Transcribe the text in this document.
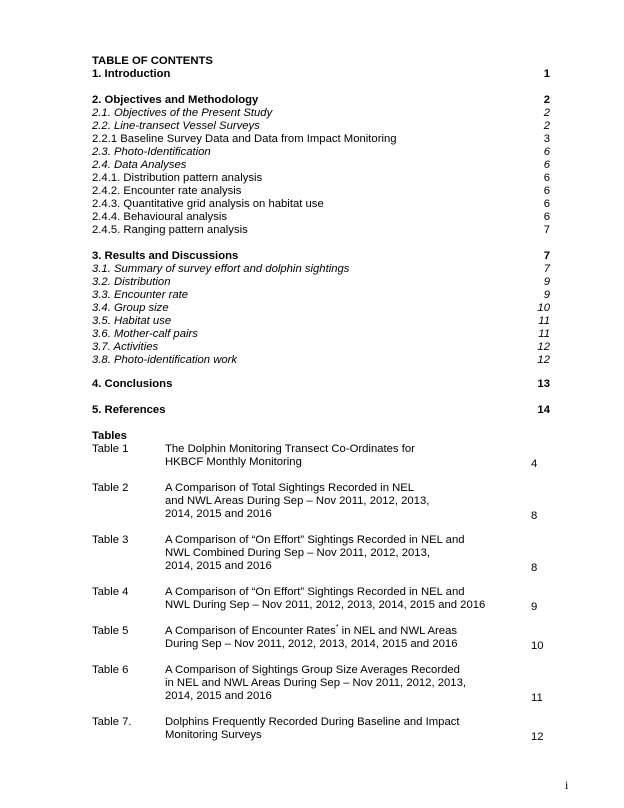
TABLE OF CONTENTS
1. Introduction	1
2. Objectives and Methodology	2
2.1. Objectives of the Present Study	2
2.2. Line-transect Vessel Surveys	2
2.2.1 Baseline Survey Data and Data from Impact Monitoring	3
2.3. Photo-Identification	6
2.4. Data Analyses	6
2.4.1. Distribution pattern analysis	6
2.4.2. Encounter rate analysis	6
2.4.3. Quantitative grid analysis on habitat use	6
2.4.4. Behavioural analysis	6
2.4.5. Ranging pattern analysis	7
3. Results and Discussions	7
3.1. Summary of survey effort and dolphin sightings	7
3.2. Distribution	9
3.3. Encounter rate	9
3.4. Group size	10
3.5. Habitat use	11
3.6. Mother-calf pairs	11
3.7. Activities	12
3.8. Photo-identification work	12
4. Conclusions	13
5. References	14
Tables
Table 1	The Dolphin Monitoring Transect Co-Ordinates for
HKBCF Monthly Monitoring	4
Table 2	A Comparison of Total Sightings Recorded in NEL
and NWL Areas During Sep – Nov 2011, 2012, 2013,
2014, 2015 and 2016	8
Table 3	A Comparison of “On Effort” Sightings Recorded in NEL and
NWL Combined During Sep – Nov 2011, 2012, 2013,
2014, 2015 and 2016	8
Table 4	A Comparison of “On Effort” Sightings Recorded in NEL and
NWL During Sep – Nov 2011, 2012, 2013, 2014, 2015 and 2016	9
Table 5	A Comparison of Encounter Rates* in NEL and NWL Areas
During Sep – Nov 2011, 2012, 2013, 2014, 2015 and 2016	10
Table 6	A Comparison of Sightings Group Size Averages Recorded
in NEL and NWL Areas During Sep – Nov 2011, 2012, 2013,
2014, 2015 and 2016	11
Table 7.	Dolphins Frequently Recorded During Baseline and Impact
Monitoring Surveys	12
i
